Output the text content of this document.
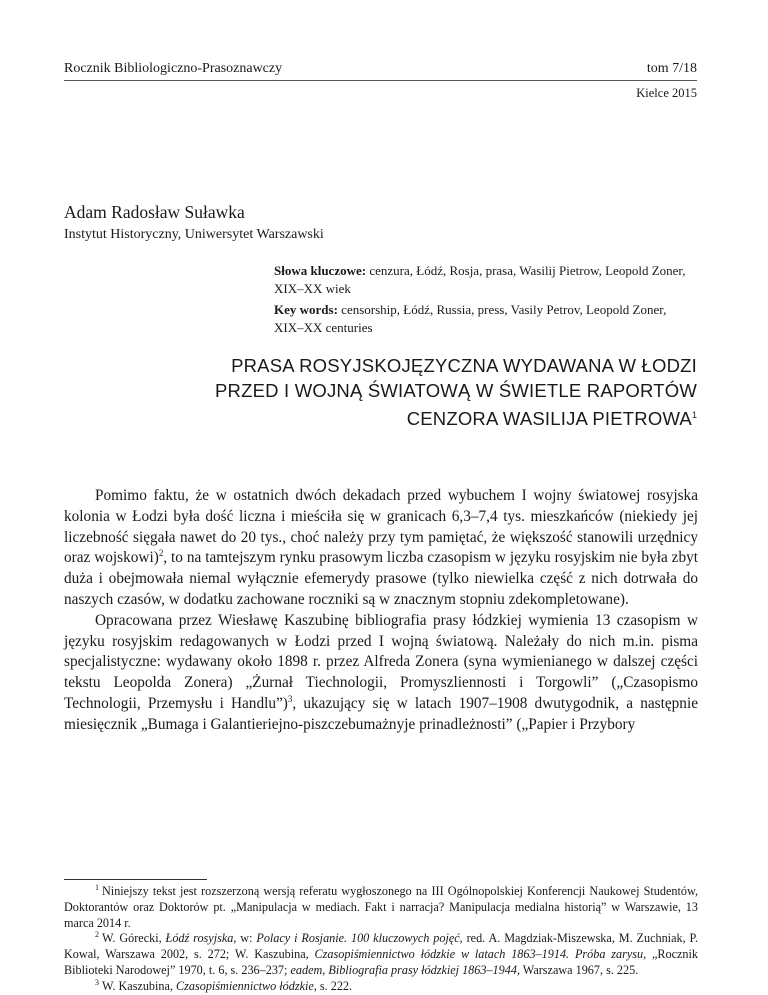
Rocznik Bibliologiczno-Prasoznawczy	tom 7/18
Kielce 2015
Adam Radosław Suławka
Instytut Historyczny, Uniwersytet Warszawski
Słowa kluczowe: cenzura, Łódź, Rosja, prasa, Wasilij Pietrow, Leopold Zoner, XIX–XX wiek
Key words: censorship, Łódź, Russia, press, Vasily Petrov, Leopold Zoner, XIX–XX centuries
PRASA ROSYJSKOJĘZYCZNA WYDAWANA W ŁODZI
PRZED I WOJNĄ ŚWIATOWĄ W ŚWIETLE RAPORTÓW
CENZORA WASILIJA PIETROWA$^1$

Pomimo faktu, że w ostatnich dwóch dekadach przed wybuchem I wojny światowej rosyjska kolonia w Łodzi była dość liczna i mieściła się w granicach 6,3–7,4 tys. mieszkańców (niekiedy jej liczebność sięgała nawet do 20 tys., choć należy przy tym pamiętać, że większość stanowili urzędnicy oraz wojskowi)$^2$, to na tamtejszym rynku prasowym liczba czasopism w języku rosyjskim nie była zbyt duża i obejmowała niemal wyłącznie efemerydy prasowe (tylko niewielka część z nich dotrwała do naszych czasów, w dodatku zachowane roczniki są w znacznym stopniu zdekompletowane).

Opracowana przez Wiesławę Kaszubinę bibliografia prasy łódzkiej wymienia 13 czasopism w języku rosyjskim redagowanych w Łodzi przed I wojną światową. Należały do nich m.in. pisma specjalistyczne: wydawany około 1898 r. przez Alfreda Zonera (syna wymienianego w dalszej części tekstu Leopolda Zonera) „Żurnał Tiechnologii, Promyszliennosti i Torgowli” („Czasopismo Technologii, Przemysłu i Handlu”)$^3$, ukazujący się w latach 1907–1908 dwutygodnik, a następnie miesięcznik „Bumaga i Galantieriejno-piszczebumażnyje prinadleżnosti” („Papier i Przybory

$^1$ Niniejszy tekst jest rozszerzoną wersją referatu wygłoszonego na III Ogólnopolskiej Konferencji Naukowej Studentów, Doktorantów oraz Doktorów pt. „Manipulacja w mediach. Fakt i narracja? Manipulacja medialna historią” w Warszawie, 13 marca 2014 r.

$^2$ W. Górecki, Łódź rosyjska, w: Polacy i Rosjanie. 100 kluczowych pojęć, red. A. Magdziak-Miszewska, M. Zuchniak, P. Kowal, Warszawa 2002, s. 272; W. Kaszubina, Czasopiśmiennictwo łódzkie w latach 1863–1914. Próba zarysu, „Rocznik Biblioteki Narodowej” 1970, t. 6, s. 236–237; eadem, Bibliografia prasy łódzkiej 1863–1944, Warszawa 1967, s. 225.

$^3$ W. Kaszubina, Czasopiśmiennictwo łódzkie, s. 222.
